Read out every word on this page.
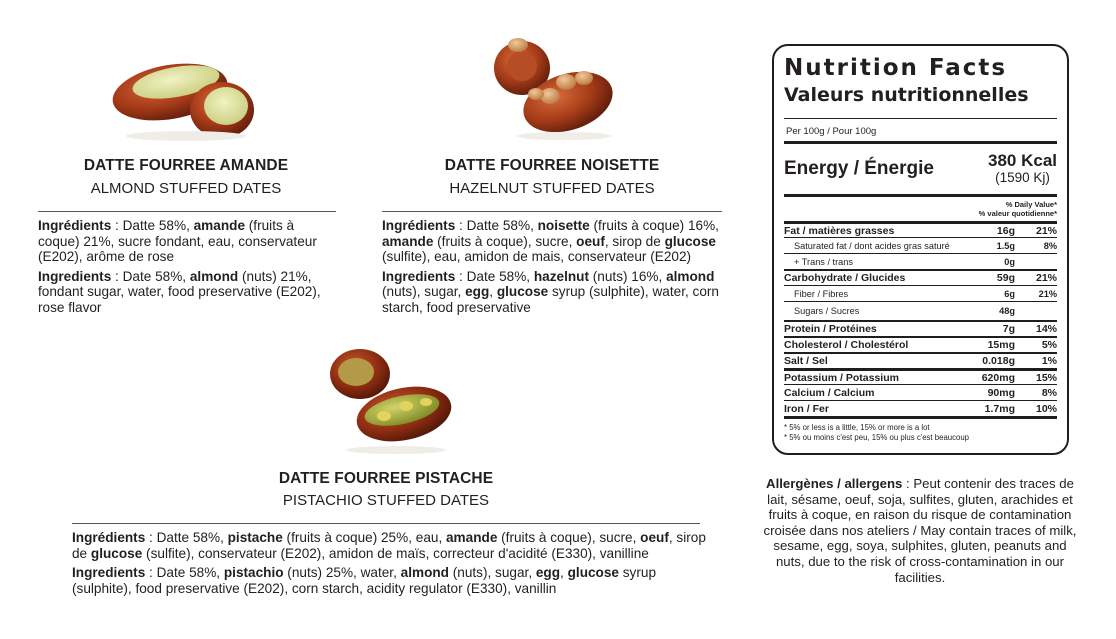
DATTE FOURREE AMANDE
ALMOND STUFFED DATES

Ingrédients : Datte 58%, amande (fruits à coque) 21%, sucre fondant, eau, conservateur (E202), arôme de rose

Ingredients : Date 58%, almond (nuts) 21%, fondant sugar, water, food preservative (E202), rose flavor

DATTE FOURREE NOISETTE
HAZELNUT STUFFED DATES

Ingrédients : Datte 58%, noisette (fruits à coque) 16%, amande (fruits à coque), sucre, oeuf, sirop de glucose (sulfite), eau, amidon de mais, conservateur (E202)

Ingredients : Date 58%, hazelnut (nuts) 16%, almond (nuts), sugar, egg, glucose syrup (sulphite), water, corn starch, food preservative

DATTE FOURREE PISTACHE
PISTACHIO STUFFED DATES

Ingrédients : Datte 58%, pistache (fruits à coque) 25%, eau, amande (fruits à coque), sucre, oeuf, sirop de glucose (sulfite), conservateur (E202), amidon de maïs, correcteur d'acidité (E330), vanilline

Ingredients : Date 58%, pistachio (nuts) 25%, water, almond (nuts), sugar, egg, glucose syrup (sulphite), food preservative (E202), corn starch, acidity regulator (E330), vanillin

Nutrition Facts
Valeurs nutritionnelles
Per 100g / Pour 100g
Energy / Énergie	380 Kcal
(1590 Kj)
% Daily Value*
% valeur quotidienne*
Fat / matières grasses	16g	21%
Saturated fat / dont acides gras saturé	1.5g	8%
+ Trans / trans	0g
Carbohydrate / Glucides	59g	21%
Fiber / Fibres	6g	21%
Sugars / Sucres	48g
Protein / Protéines	7g	14%
Cholesterol / Cholestérol	15mg	5%
Salt / Sel	0.018g	1%
Potassium / Potassium	620mg	15%
Calcium / Calcium	90mg	8%
Iron / Fer	1.7mg	10%
* 5% or less is a little, 15% or more is a lot
* 5% ou moins c'est peu, 15% ou plus c'est beaucoup
Allergènes / allergens : Peut contenir des traces de lait, sésame, oeuf, soja, sulfites, gluten, arachides et fruits à coque, en raison du risque de contamination croisée dans nos ateliers / May contain traces of milk, sesame, egg, soya, sulphites, gluten, peanuts and nuts, due to the risk of cross-contamination in our facilities.
